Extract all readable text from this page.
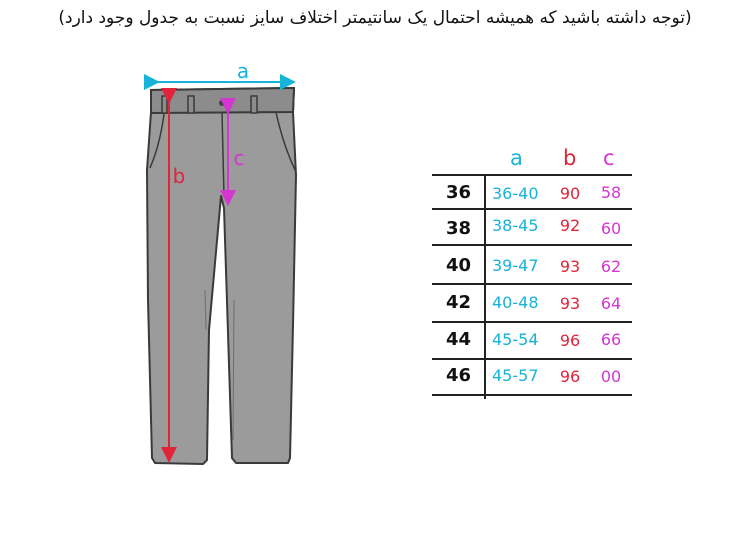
(توجه داشته باشید که همیشه احتمال یک سانتیمتر اختلاف سایز نسبت به جدول وجود دارد)
a
b
c	a b c
36	36-40	90	58
38	38-45	92	60
40	39-47	93	62
42	40-48	93	64
44	45-54	96	66
46	45-57	96	00
